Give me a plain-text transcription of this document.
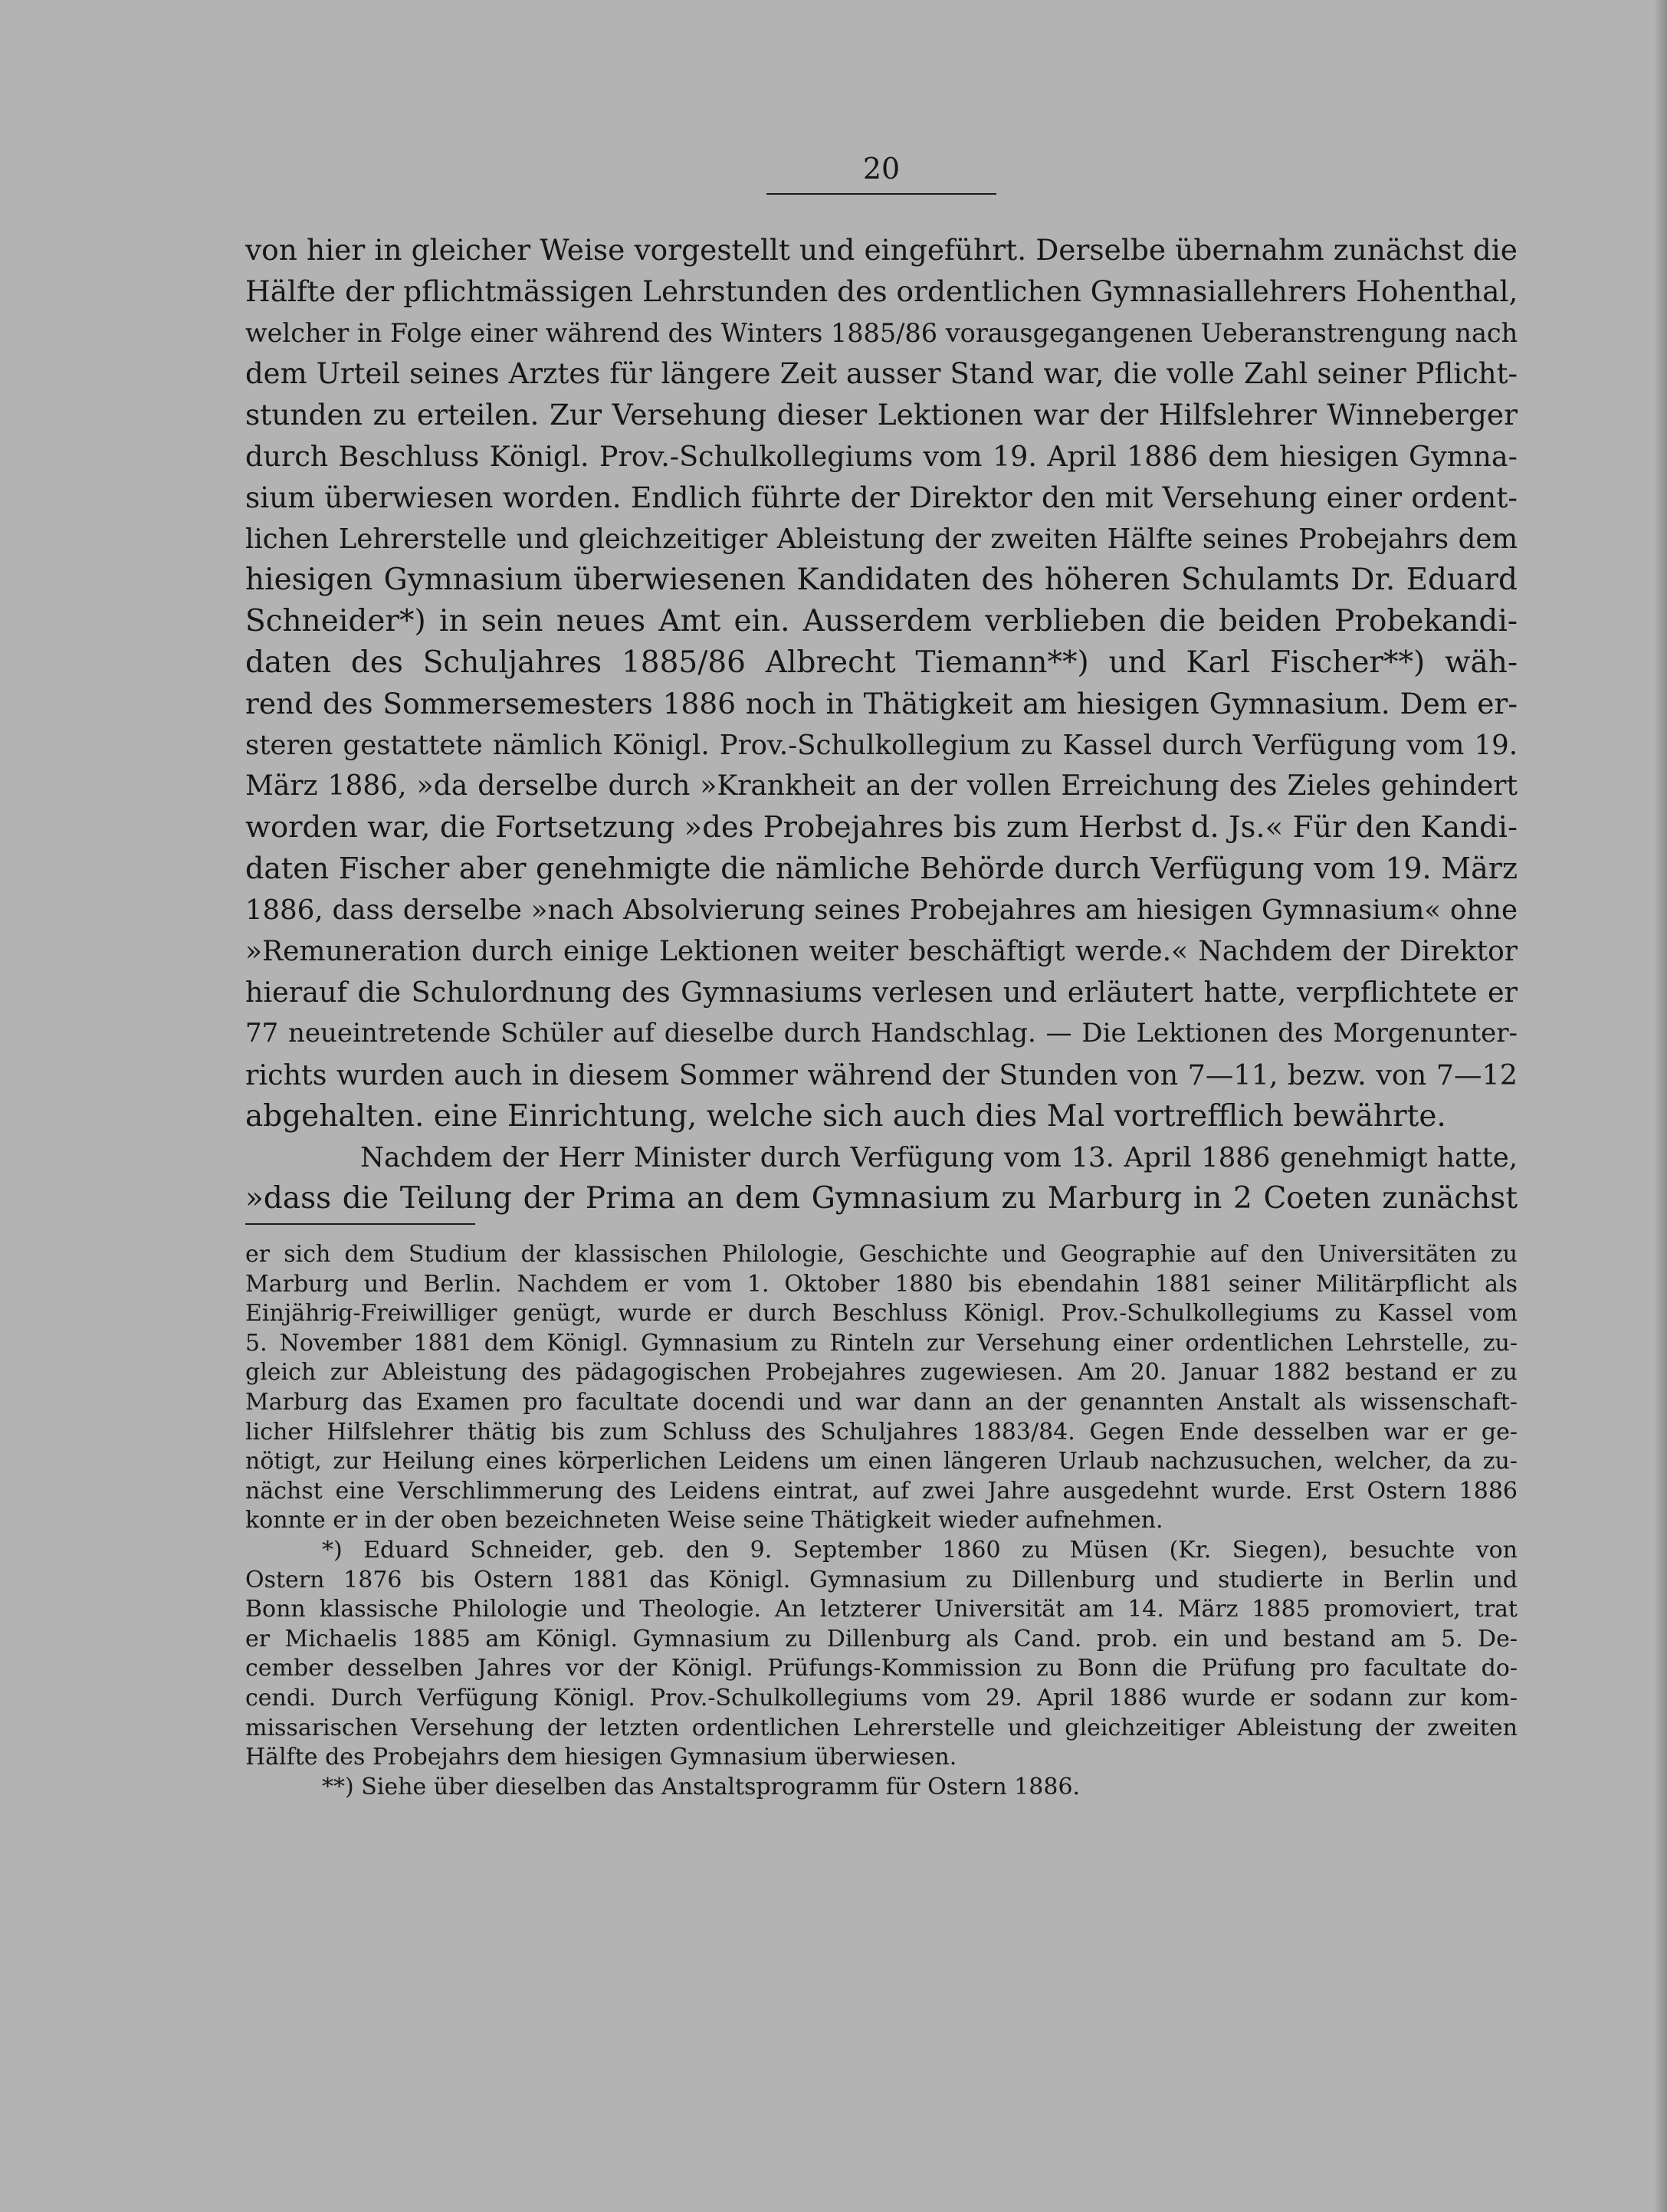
20
von hier in gleicher Weise vorgestellt und eingeführt. Derselbe übernahm zunächst die
Hälfte der pflichtmässigen Lehrstunden des ordentlichen Gymnasiallehrers Hohenthal,
welcher in Folge einer während des Winters 1885/86 vorausgegangenen Ueberanstrengung nach
dem Urteil seines Arztes für längere Zeit ausser Stand war, die volle Zahl seiner Pflicht-
stunden zu erteilen. Zur Versehung dieser Lektionen war der Hilfslehrer Winneberger
durch Beschluss Königl. Prov.-Schulkollegiums vom 19. April 1886 dem hiesigen Gymna-
sium überwiesen worden. Endlich führte der Direktor den mit Versehung einer ordent-
lichen Lehrerstelle und gleichzeitiger Ableistung der zweiten Hälfte seines Probejahrs dem
hiesigen Gymnasium überwiesenen Kandidaten des höheren Schulamts Dr. Eduard
Schneider*) in sein neues Amt ein. Ausserdem verblieben die beiden Probekandi-
daten des Schuljahres 1885/86 Albrecht Tiemann**) und Karl Fischer**) wäh-
rend des Sommersemesters 1886 noch in Thätigkeit am hiesigen Gymnasium. Dem er-
steren gestattete nämlich Königl. Prov.-Schulkollegium zu Kassel durch Verfügung vom 19.
März 1886, »da derselbe durch »Krankheit an der vollen Erreichung des Zieles gehindert
worden war, die Fortsetzung »des Probejahres bis zum Herbst d. Js.« Für den Kandi-
daten Fischer aber genehmigte die nämliche Behörde durch Verfügung vom 19. März
1886, dass derselbe »nach Absolvierung seines Probejahres am hiesigen Gymnasium« ohne
»Remuneration durch einige Lektionen weiter beschäftigt werde.« Nachdem der Direktor
hierauf die Schulordnung des Gymnasiums verlesen und erläutert hatte, verpflichtete er
77 neueintretende Schüler auf dieselbe durch Handschlag. — Die Lektionen des Morgenunter-
richts wurden auch in diesem Sommer während der Stunden von 7—11, bezw. von 7—12
abgehalten. eine Einrichtung, welche sich auch dies Mal vortrefflich bewährte.
Nachdem der Herr Minister durch Verfügung vom 13. April 1886 genehmigt hatte,
»dass die Teilung der Prima an dem Gymnasium zu Marburg in 2 Coeten zunächst
er sich dem Studium der klassischen Philologie, Geschichte und Geographie auf den Universitäten zu
Marburg und Berlin. Nachdem er vom 1. Oktober 1880 bis ebendahin 1881 seiner Militärpflicht als
Einjährig-Freiwilliger genügt, wurde er durch Beschluss Königl. Prov.-Schulkollegiums zu Kassel vom
5. November 1881 dem Königl. Gymnasium zu Rinteln zur Versehung einer ordentlichen Lehrstelle, zu-
gleich zur Ableistung des pädagogischen Probejahres zugewiesen. Am 20. Januar 1882 bestand er zu
Marburg das Examen pro facultate docendi und war dann an der genannten Anstalt als wissenschaft-
licher Hilfslehrer thätig bis zum Schluss des Schuljahres 1883/84. Gegen Ende desselben war er ge-
nötigt, zur Heilung eines körperlichen Leidens um einen längeren Urlaub nachzusuchen, welcher, da zu-
nächst eine Verschlimmerung des Leidens eintrat, auf zwei Jahre ausgedehnt wurde. Erst Ostern 1886
konnte er in der oben bezeichneten Weise seine Thätigkeit wieder aufnehmen.
*) Eduard Schneider, geb. den 9. September 1860 zu Müsen (Kr. Siegen), besuchte von
Ostern 1876 bis Ostern 1881 das Königl. Gymnasium zu Dillenburg und studierte in Berlin und
Bonn klassische Philologie und Theologie. An letzterer Universität am 14. März 1885 promoviert, trat
er Michaelis 1885 am Königl. Gymnasium zu Dillenburg als Cand. prob. ein und bestand am 5. De-
cember desselben Jahres vor der Königl. Prüfungs-Kommission zu Bonn die Prüfung pro facultate do-
cendi. Durch Verfügung Königl. Prov.-Schulkollegiums vom 29. April 1886 wurde er sodann zur kom-
missarischen Versehung der letzten ordentlichen Lehrerstelle und gleichzeitiger Ableistung der zweiten
Hälfte des Probejahrs dem hiesigen Gymnasium überwiesen.
**) Siehe über dieselben das Anstaltsprogramm für Ostern 1886.
